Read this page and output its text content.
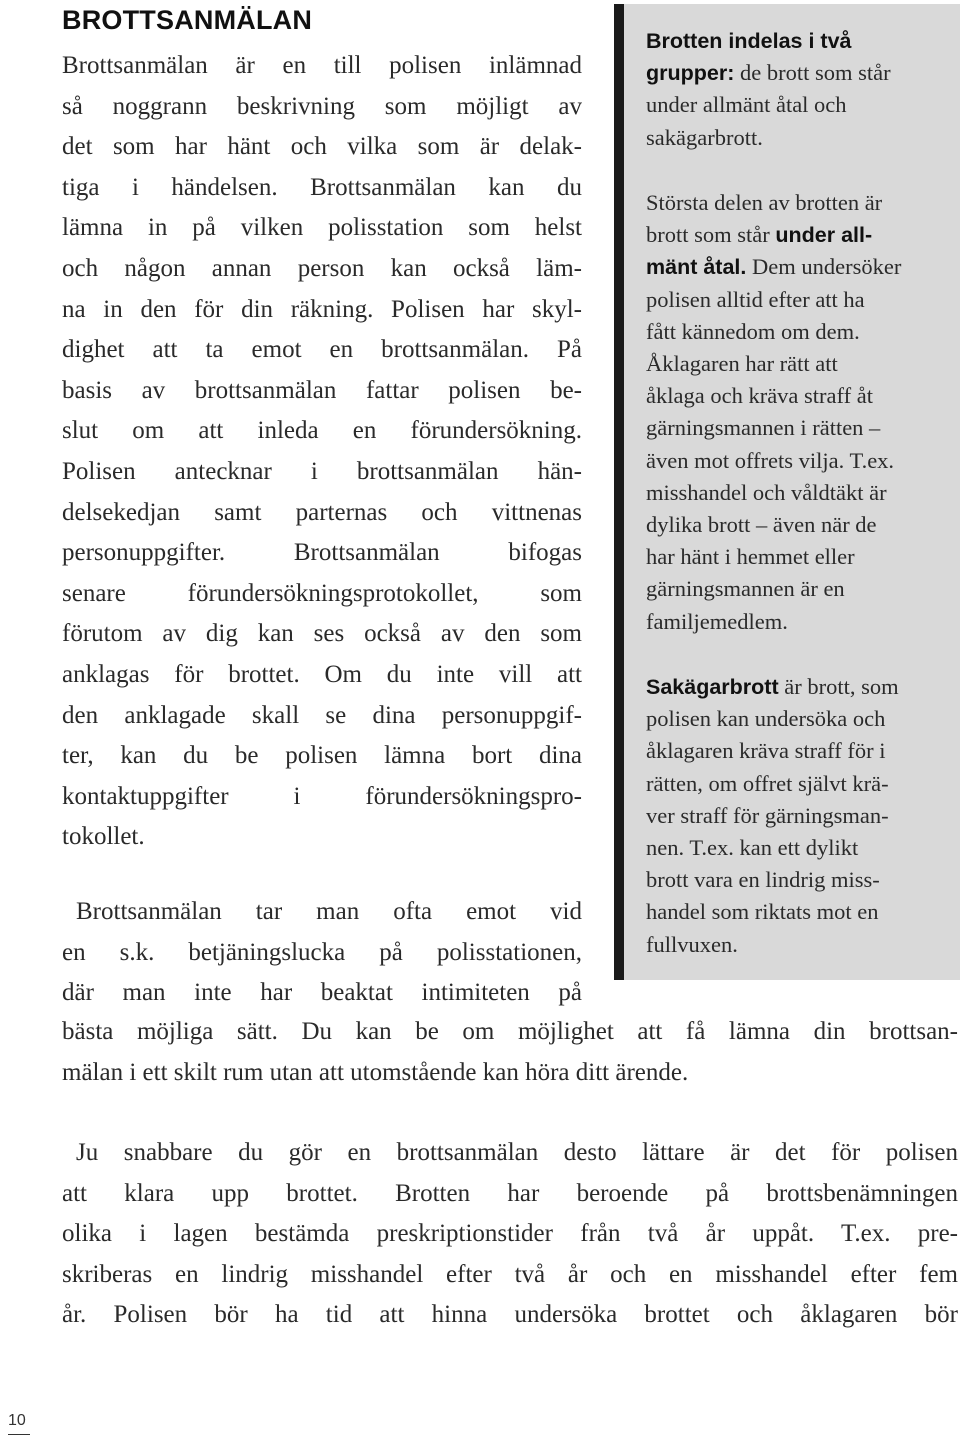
BROTTSANMÄLAN
Brottsanmälan är en till polisen inlämnad
så noggrann beskrivning som möjligt av
det som har hänt och vilka som är delak-
tiga i händelsen. Brottsanmälan kan du
lämna in på vilken polisstation som helst
och någon annan person kan också läm-
na in den för din räkning. Polisen har skyl-
dighet att ta emot en brottsanmälan. På
basis av brottsanmälan fattar polisen be-
slut om att inleda en förundersökning.
Polisen antecknar i brottsanmälan hän-
delsekedjan samt parternas och vittnenas
personuppgifter. Brottsanmälan bifogas
senare förundersökningsprotokollet, som
förutom av dig kan ses också av den som
anklagas för brottet. Om du inte vill att
den anklagade skall se dina personuppgif-
ter, kan du be polisen lämna bort dina
kontaktuppgifter i förundersökningspro-
tokollet.
Brottsanmälan tar man ofta emot vid
en s.k. betjäningslucka på polisstationen,
där man inte har beaktat intimiteten på
bästa möjliga sätt. Du kan be om möjlighet att få lämna din brottsan-
mälan i ett skilt rum utan att utomstående kan höra ditt ärende.
Ju snabbare du gör en brottsanmälan desto lättare är det för polisen
att klara upp brottet. Brotten har beroende på brottsbenämningen
olika i lagen bestämda preskriptionstider från två år uppåt. T.ex. pre-
skriberas en lindrig misshandel efter två år och en misshandel efter fem
år. Polisen bör ha tid att hinna undersöka brottet och åklagaren bör

Brotten indelas i två
grupper: de brott som står
under allmänt åtal och
sakägarbrott.

Största delen av brotten är
brott som står under all-
mänt åtal. Dem undersöker
polisen alltid efter att ha
fått kännedom om dem.
Åklagaren har rätt att
åklaga och kräva straff åt
gärningsmannen i rätten –
även mot offrets vilja. T.ex.
misshandel och våldtäkt är
dylika brott – även när de
har hänt i hemmet eller
gärningsmannen är en
familjemedlem.

Sakägarbrott är brott, som
polisen kan undersöka och
åklagaren kräva straff för i
rätten, om offret självt krä-
ver straff för gärningsman-
nen. T.ex. kan ett dylikt
brott vara en lindrig miss-
handel som riktats mot en
fullvuxen.

10
